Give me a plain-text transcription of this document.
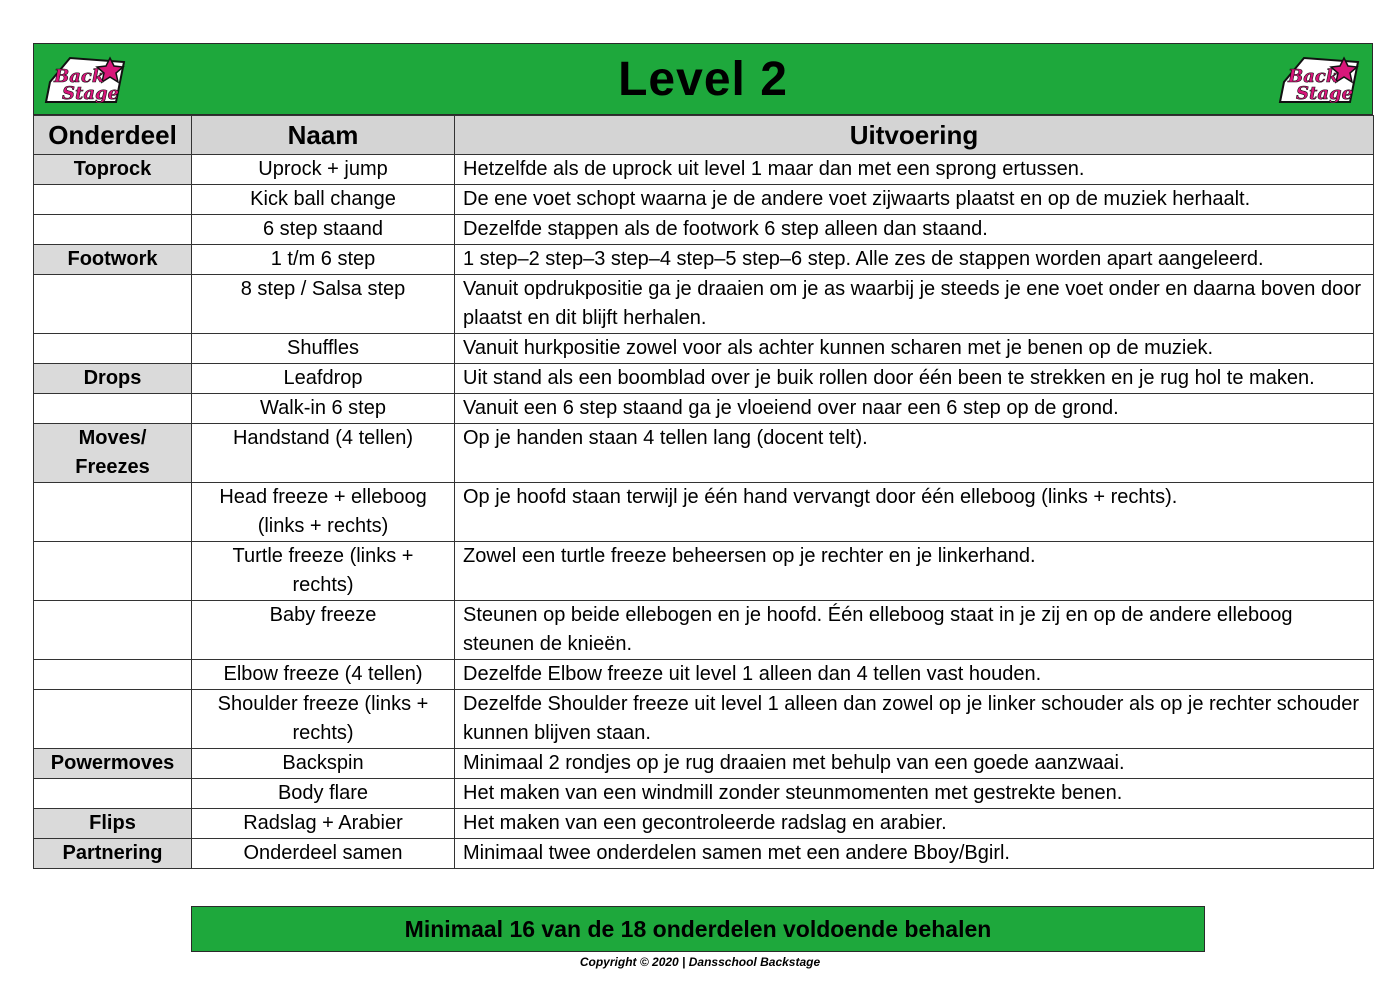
Back
Stage	Level 2	Back
Stage
Onderdeel	Naam	Uitvoering
Toprock	Uprock + jump	Hetzelfde als de uprock uit level 1 maar dan met een sprong ertussen.
	Kick ball change	De ene voet schopt waarna je de andere voet zijwaarts plaatst en op de muziek herhaalt.
	6 step staand	Dezelfde stappen als de footwork 6 step alleen dan staand.
Footwork	1 t/m 6 step	1 step–2 step–3 step–4 step–5 step–6 step. Alle zes de stappen worden apart aangeleerd.
	8 step / Salsa step	Vanuit opdrukpositie ga je draaien om je as waarbij je steeds je ene voet onder en daarna boven door plaatst en dit blijft herhalen.
	Shuffles	Vanuit hurkpositie zowel voor als achter kunnen scharen met je benen op de muziek.
Drops	Leafdrop	Uit stand als een boomblad over je buik rollen door één been te strekken en je rug hol te maken.
	Walk-in 6 step	Vanuit een 6 step staand ga je vloeiend over naar een 6 step op de grond.
Moves/ Freezes	Handstand (4 tellen)	Op je handen staan 4 tellen lang (docent telt).
	Head freeze + elleboog (links + rechts)	Op je hoofd staan terwijl je één hand vervangt door één elleboog (links + rechts).
	Turtle freeze (links + rechts)	Zowel een turtle freeze beheersen op je rechter en je linkerhand.
	Baby freeze	Steunen op beide ellebogen en je hoofd. Één elleboog staat in je zij en op de andere elleboog steunen de knieën.
	Elbow freeze (4 tellen)	Dezelfde Elbow freeze uit level 1 alleen dan 4 tellen vast houden.
	Shoulder freeze (links + rechts)	Dezelfde Shoulder freeze uit level 1 alleen dan zowel op je linker schouder als op je rechter schouder kunnen blijven staan.
Powermoves	Backspin	Minimaal 2 rondjes op je rug draaien met behulp van een goede aanzwaai.
	Body flare	Het maken van een windmill zonder steunmomenten met gestrekte benen.
Flips	Radslag + Arabier	Het maken van een gecontroleerde radslag en arabier.
Partnering	Onderdeel samen	Minimaal twee onderdelen samen met een andere Bboy/Bgirl.
Minimaal 16 van de 18 onderdelen voldoende behalen
Copyright © 2020 | Dansschool Backstage
